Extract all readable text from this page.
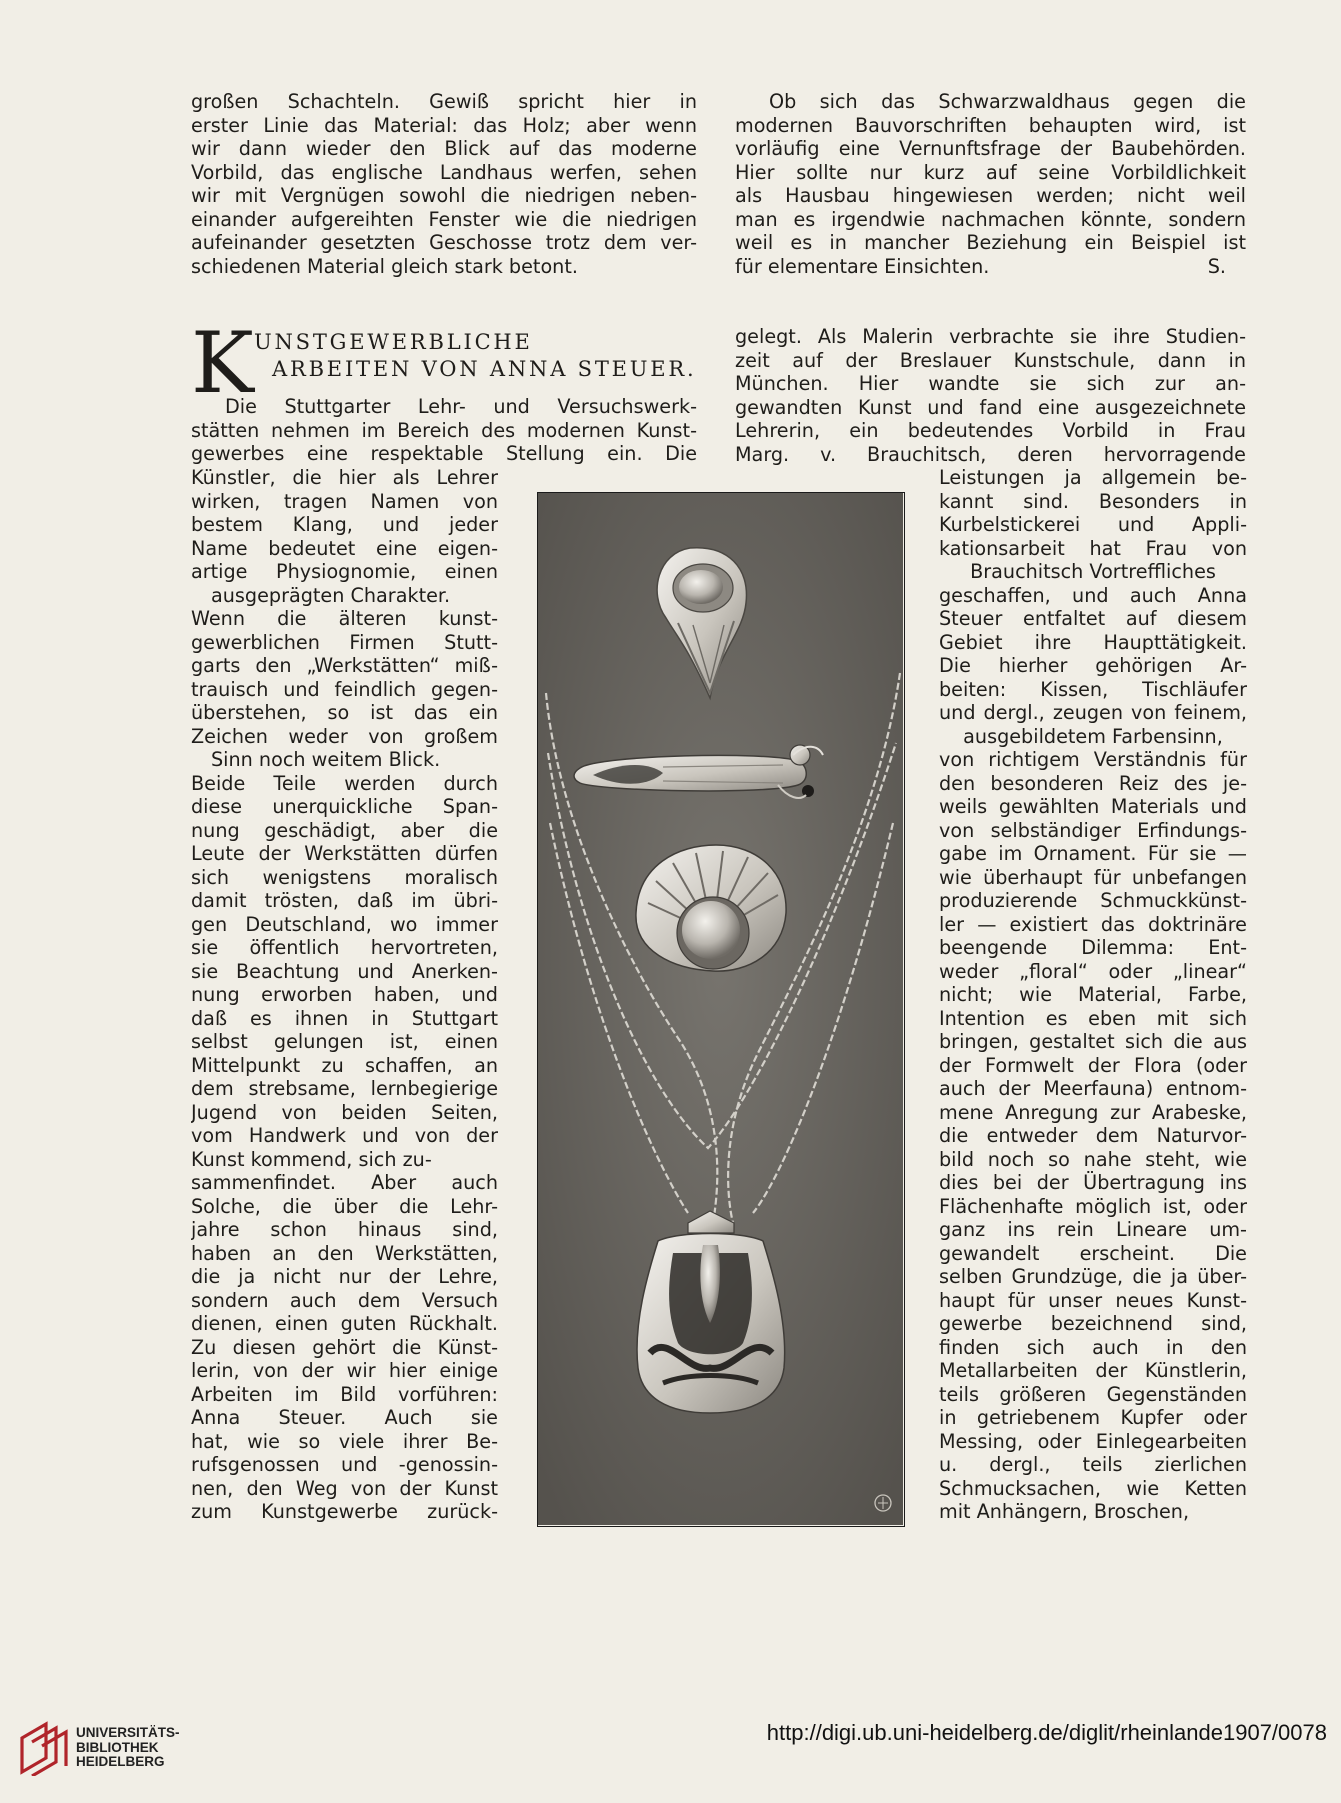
großen Schachteln. Gewiß spricht hier in
erster Linie das Material: das Holz; aber wenn
wir dann wieder den Blick auf das moderne
Vorbild, das englische Landhaus werfen, sehen
wir mit Vergnügen sowohl die niedrigen neben-
einander aufgereihten Fenster wie die niedrigen
aufeinander gesetzten Geschosse trotz dem ver-
schiedenen Material gleich stark betont.
Ob sich das Schwarzwaldhaus gegen die
modernen Bauvorschriften behaupten wird, ist
vorläufig eine Vernunftsfrage der Baubehörden.
Hier sollte nur kurz auf seine Vorbildlichkeit
als Hausbau hingewiesen werden; nicht weil
man es irgendwie nachmachen könnte, sondern
weil es in mancher Beziehung ein Beispiel ist
für elementare Einsichten.	S.
K UNSTGEWERBLICHE
ARBEITEN VON ANNA STEUER.
Die Stuttgarter Lehr- und Versuchswerk-
stätten nehmen im Bereich des modernen Kunst-
gewerbes eine respektable Stellung ein. Die
Künstler, die hier als Lehrer
wirken, tragen Namen von
bestem Klang, und jeder
Name bedeutet eine eigen-
artige Physiognomie, einen
ausgeprägten Charakter.
Wenn die älteren kunst-
gewerblichen Firmen Stutt-
garts den „Werkstätten“ miß-
trauisch und feindlich gegen-
überstehen, so ist das ein
Zeichen weder von großem
Sinn noch weitem Blick.
Beide Teile werden durch
diese unerquickliche Span-
nung geschädigt, aber die
Leute der Werkstätten dürfen
sich wenigstens moralisch
damit trösten, daß im übri-
gen Deutschland, wo immer
sie öffentlich hervortreten,
sie Beachtung und Anerken-
nung erworben haben, und
daß es ihnen in Stuttgart
selbst gelungen ist, einen
Mittelpunkt zu schaffen, an
dem strebsame, lernbegierige
Jugend von beiden Seiten,
vom Handwerk und von der
Kunst kommend, sich zu-
sammenfindet. Aber auch
Solche, die über die Lehr-
jahre schon hinaus sind,
haben an den Werkstätten,
die ja nicht nur der Lehre,
sondern auch dem Versuch
dienen, einen guten Rückhalt.
Zu diesen gehört die Künst-
lerin, von der wir hier einige
Arbeiten im Bild vorführen:
Anna Steuer. Auch sie
hat, wie so viele ihrer Be-
rufsgenossen und -genossin-
nen, den Weg von der Kunst
zum Kunstgewerbe zurück-
gelegt. Als Malerin verbrachte sie ihre Studien-
zeit auf der Breslauer Kunstschule, dann in
München. Hier wandte sie sich zur an-
gewandten Kunst und fand eine ausgezeichnete
Lehrerin, ein bedeutendes Vorbild in Frau
Marg. v. Brauchitsch, deren hervorragende
Leistungen ja allgemein be-
kannt sind. Besonders in
Kurbelstickerei und Appli-
kationsarbeit hat Frau von
Brauchitsch Vortreffliches
geschaffen, und auch Anna
Steuer entfaltet auf diesem
Gebiet ihre Haupttätigkeit.
Die hierher gehörigen Ar-
beiten: Kissen, Tischläufer
und dergl., zeugen von feinem,
ausgebildetem Farbensinn,
von richtigem Verständnis für
den besonderen Reiz des je-
weils gewählten Materials und
von selbständiger Erfindungs-
gabe im Ornament. Für sie —
wie überhaupt für unbefangen
produzierende Schmuckkünst-
ler — existiert das doktrinäre
beengende Dilemma: Ent-
weder „floral“ oder „linear“
nicht; wie Material, Farbe,
Intention es eben mit sich
bringen, gestaltet sich die aus
der Formwelt der Flora (oder
auch der Meerfauna) entnom-
mene Anregung zur Arabeske,
die entweder dem Naturvor-
bild noch so nahe steht, wie
dies bei der Übertragung ins
Flächenhafte möglich ist, oder
ganz ins rein Lineare um-
gewandelt erscheint. Die
selben Grundzüge, die ja über-
haupt für unser neues Kunst-
gewerbe bezeichnend sind,
finden sich auch in den
Metallarbeiten der Künstlerin,
teils größeren Gegenständen
in getriebenem Kupfer oder
Messing, oder Einlegearbeiten
u. dergl., teils zierlichen
Schmucksachen, wie Ketten
mit Anhängern, Broschen,
UNIVERSITÄTS-
BIBLIOTHEK
HEIDELBERG
http://digi.ub.uni-heidelberg.de/diglit/rheinlande1907/0078
